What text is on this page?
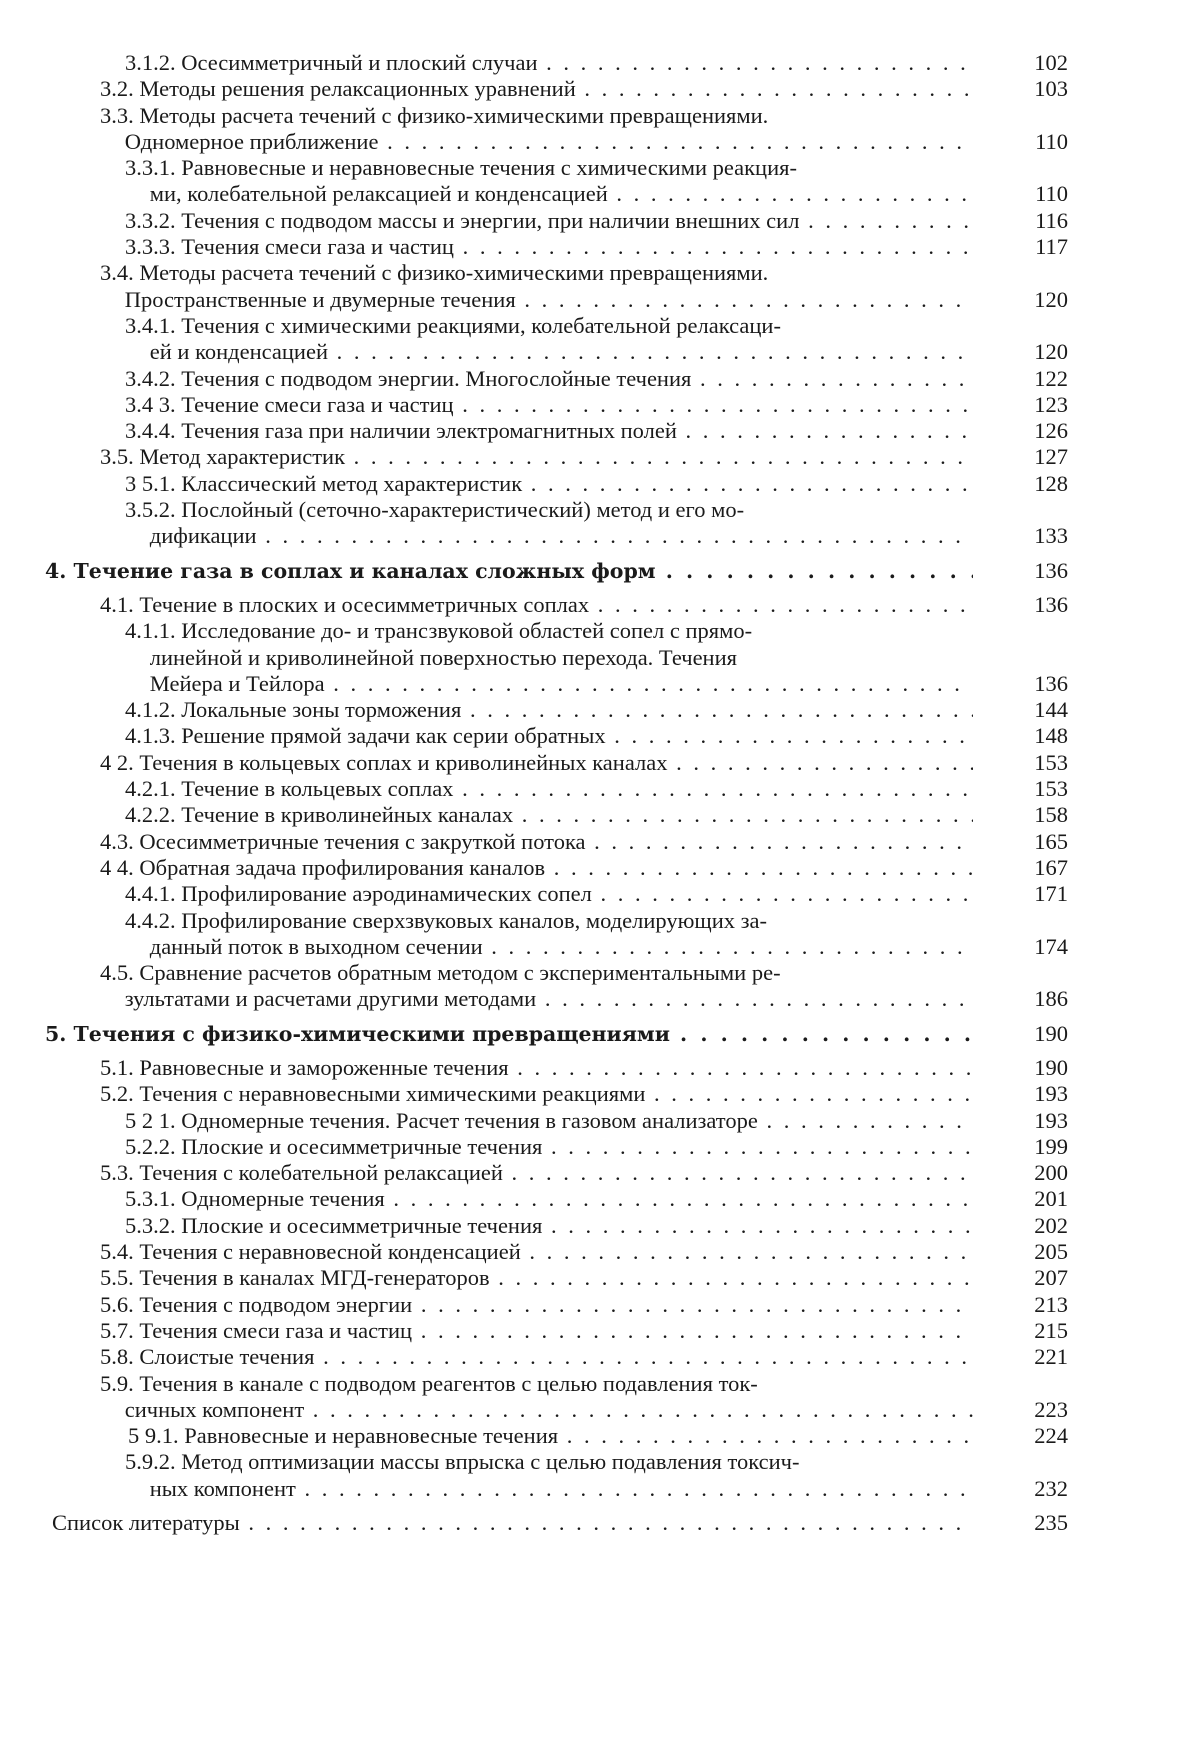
3.1.2. Осесимметричный и плоский случаи . . .	102
3.2. Методы решения релаксационных уравнений . . .	103
3.3. Методы расчета течений с физико-химическими превращениями.
Одномерное приближение . . .	110
3.3.1. Равновесные и неравновесные течения с химическими реакция-
ми, колебательной релаксацией и конденсацией . . .	110
3.3.2. Течения с подводом массы и энергии, при наличии внешних сил . . .	116
3.3.3. Течения смеси газа и частиц . . .	117
3.4. Методы расчета течений с физико-химическими превращениями.
Пространственные и двумерные течения . . .	120
3.4.1. Течения с химическими реакциями, колебательной релаксаци-
ей и конденсацией . . .	120
3.4.2. Течения с подводом энергии. Многослойные течения . . .	122
3.4 3. Течение смеси газа и частиц . . .	123
3.4.4. Течения газа при наличии электромагнитных полей . . .	126
3.5. Метод характеристик . . .	127
3 5.1. Классический метод характеристик . . .	128
3.5.2. Послойный (сеточно-характеристический) метод и его мо-
дификации . . .	133
4. Течение газа в соплах и каналах сложных форм . . .	136
4.1. Течение в плоских и осесимметричных соплах . . .	136
4.1.1. Исследование до- и трансзвуковой областей сопел с прямо-
линейной и криволинейной поверхностью перехода. Течения
Мейера и Тейлора . . .	136
4.1.2. Локальные зоны торможения . . .	144
4.1.3. Решение прямой задачи как серии обратных . . .	148
4 2. Течения в кольцевых соплах и криволинейных каналах . . .	153
4.2.1. Течение в кольцевых соплах . . .	153
4.2.2. Течение в криволинейных каналах . . .	158
4.3. Осесимметричные течения с закруткой потока . . .	165
4 4. Обратная задача профилирования каналов . . .	167
4.4.1. Профилирование аэродинамических сопел . . .	171
4.4.2. Профилирование сверхзвуковых каналов, моделирующих за-
данный поток в выходном сечении . . .	174
4.5. Сравнение расчетов обратным методом с экспериментальными ре-
зультатами и расчетами другими методами . . .	186
5. Течения с физико-химическими превращениями . . .	190
5.1. Равновесные и замороженные течения . . .	190
5.2. Течения с неравновесными химическими реакциями . . .	193
5 2 1. Одномерные течения. Расчет течения в газовом анализаторе . . .	193
5.2.2. Плоские и осесимметричные течения . . .	199
5.3. Течения с колебательной релаксацией . . .	200
5.3.1. Одномерные течения . . .	201
5.3.2. Плоские и осесимметричные течения . . .	202
5.4. Течения с неравновесной конденсацией . . .	205
5.5. Течения в каналах МГД-генераторов . . .	207
5.6. Течения с подводом энергии . . .	213
5.7. Течения смеси газа и частиц . . .	215
5.8. Слоистые течения . . .	221
5.9. Течения в канале с подводом реагентов с целью подавления ток-
сичных компонент . . .	223
5 9.1. Равновесные и неравновесные течения . . .	224
5.9.2. Метод оптимизации массы впрыска с целью подавления токсич-
ных компонент . . .	232
Список литературы . . .	235
